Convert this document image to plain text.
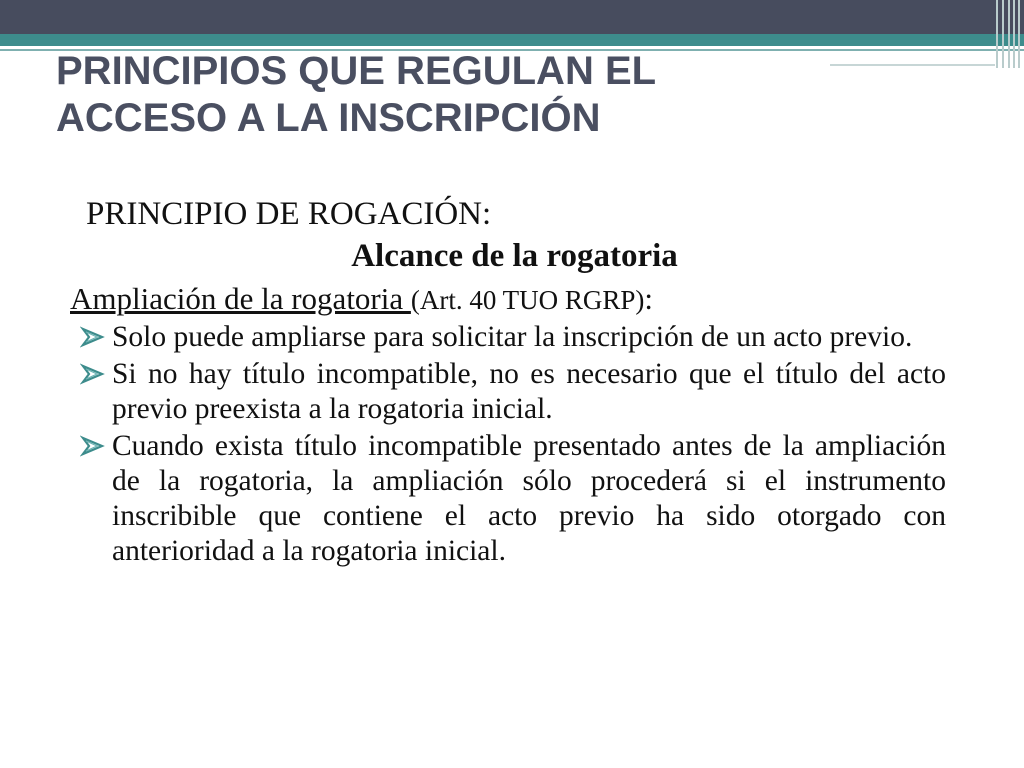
PRINCIPIOS QUE REGULAN EL
ACCESO A LA INSCRIPCIÓN

PRINCIPIO DE ROGACIÓN:

Alcance de la rogatoria

Ampliación de la rogatoria (Art. 40 TUO RGRP):

Solo puede ampliarse para solicitar la inscripción de un acto previo.
Si no hay título incompatible, no es necesario que el título del acto previo preexista a la rogatoria inicial.
Cuando exista título incompatible presentado antes de la ampliación de la rogatoria, la ampliación sólo procederá si el instrumento inscribible que contiene el acto previo ha sido otorgado con anterioridad a la rogatoria inicial.
